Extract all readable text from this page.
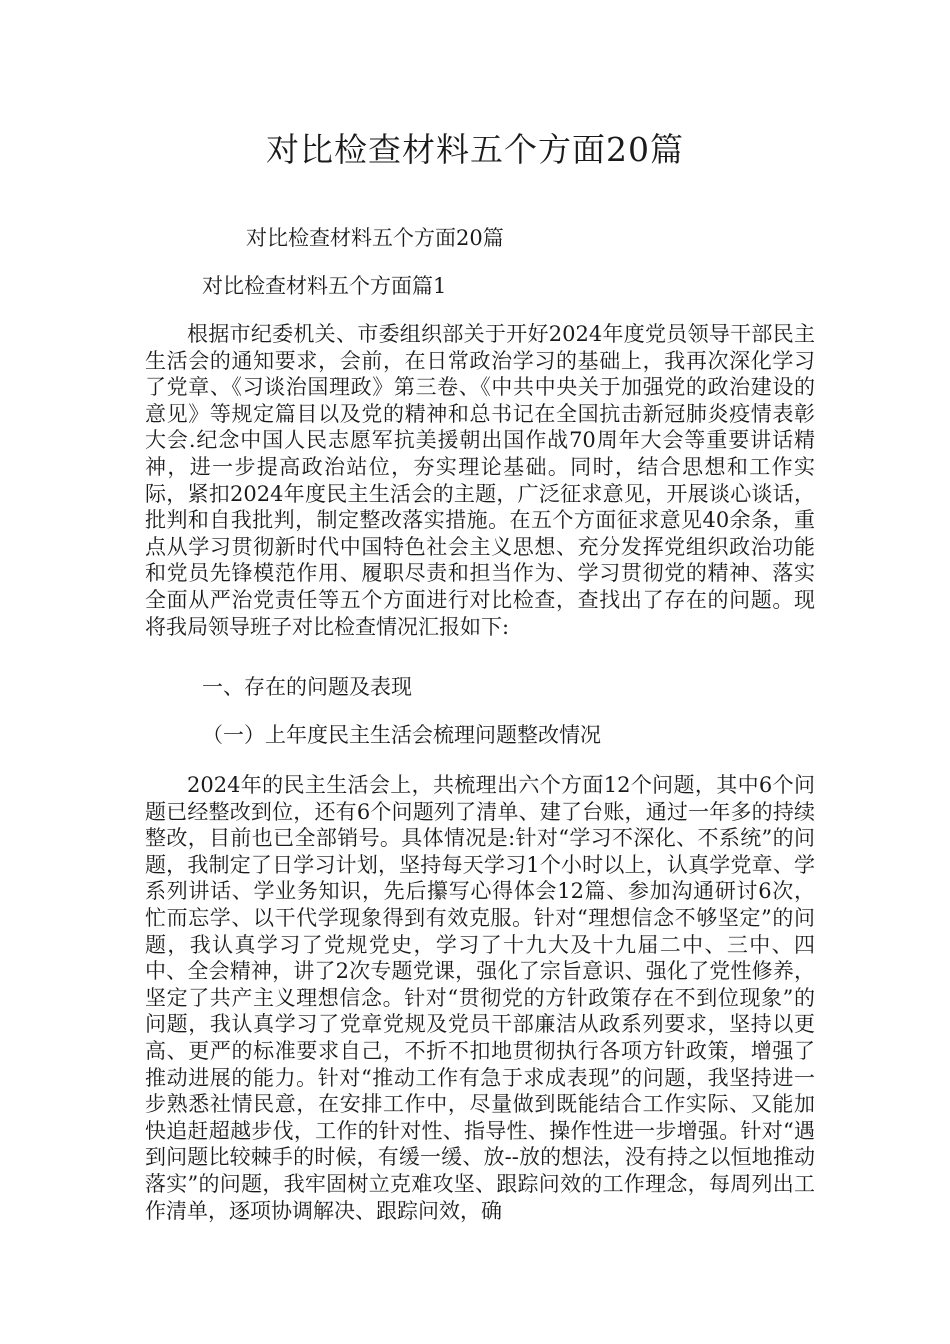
对比检查材料五个方面20篇

对比检查材料五个方面20篇

对比检查材料五个方面篇1

根据市纪委机关、市委组织部关于开好2024年度党员领导干部民主生活会的通知要求，会前，在日常政治学习的基础上，我再次深化学习了党章、《习谈治国理政》第三卷、《中共中央关于加强党的政治建设的意见》等规定篇目以及党的精神和总书记在全国抗击新冠肺炎疫情表彰大会.纪念中国人民志愿军抗美援朝出国作战70周年大会等重要讲话精神，进一步提高政治站位，夯实理论基础。同时，结合思想和工作实际，紧扣2024年度民主生活会的主题，广泛征求意见，开展谈心谈话，批判和自我批判，制定整改落实措施。在五个方面征求意见40余条，重点从学习贯彻新时代中国特色社会主义思想、充分发挥党组织政治功能和党员先锋模范作用、履职尽责和担当作为、学习贯彻党的精神、落实全面从严治党责任等五个方面进行对比检查，查找出了存在的问题。现将我局领导班子对比检查情况汇报如下:

一、存在的问题及表现

（一）上年度民主生活会梳理问题整改情况

2024年的民主生活会上，共梳理出六个方面12个问题，其中6个问题已经整改到位，还有6个问题列了清单、建了台账，通过一年多的持续整改，目前也已全部销号。具体情况是:针对“学习不深化、不系统”的问题，我制定了日学习计划，坚持每天学习1个小时以上，认真学党章、学系列讲话、学业务知识，先后攥写心得体会12篇、参加沟通研讨6次，忙而忘学、以干代学现象得到有效克服。针对“理想信念不够坚定”的问题，我认真学习了党规党史，学习了十九大及十九届二中、三中、四中、全会精神，讲了2次专题党课，强化了宗旨意识、强化了党性修养，坚定了共产主义理想信念。针对“贯彻党的方针政策存在不到位现象”的问题，我认真学习了党章党规及党员干部廉洁从政系列要求，坚持以更高、更严的标准要求自己，不折不扣地贯彻执行各项方针政策，增强了推动进展的能力。针对“推动工作有急于求成表现”的问题，我坚持进一步熟悉社情民意，在安排工作中，尽量做到既能结合工作实际、又能加快追赶超越步伐，工作的针对性、指导性、操作性进一步增强。针对“遇到问题比较棘手的时候，有缓一缓、放--放的想法，没有持之以恒地推动落实”的问题，我牢固树立克难攻坚、跟踪问效的工作理念，每周列出工作清单，逐项协调解决、跟踪问效，确
